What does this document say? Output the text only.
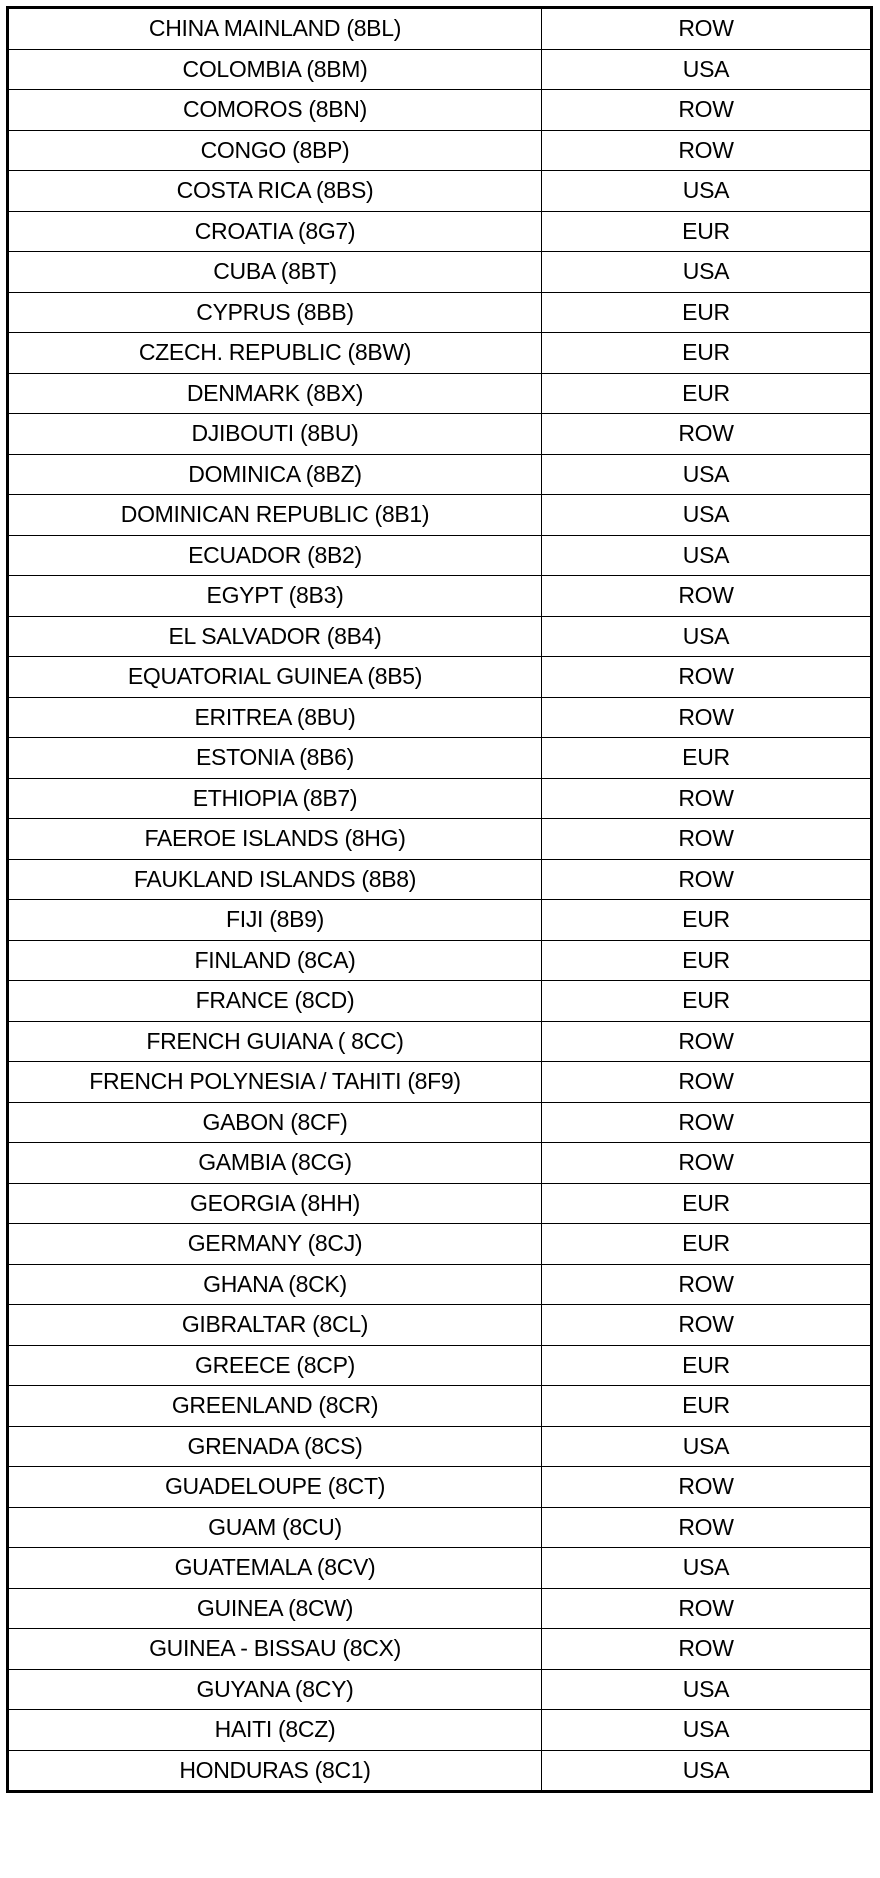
CHINA MAINLAND (8BL)	ROW
COLOMBIA (8BM)	USA
COMOROS (8BN)	ROW
CONGO (8BP)	ROW
COSTA RICA (8BS)	USA
CROATIA (8G7)	EUR
CUBA (8BT)	USA
CYPRUS (8BB)	EUR
CZECH. REPUBLIC (8BW)	EUR
DENMARK (8BX)	EUR
DJIBOUTI (8BU)	ROW
DOMINICA (8BZ)	USA
DOMINICAN REPUBLIC (8B1)	USA
ECUADOR (8B2)	USA
EGYPT (8B3)	ROW
EL SALVADOR (8B4)	USA
EQUATORIAL GUINEA (8B5)	ROW
ERITREA (8BU)	ROW
ESTONIA (8B6)	EUR
ETHIOPIA (8B7)	ROW
FAEROE ISLANDS (8HG)	ROW
FAUKLAND ISLANDS (8B8)	ROW
FIJI (8B9)	EUR
FINLAND (8CA)	EUR
FRANCE (8CD)	EUR
FRENCH GUIANA ( 8CC)	ROW
FRENCH POLYNESIA / TAHITI (8F9)	ROW
GABON (8CF)	ROW
GAMBIA (8CG)	ROW
GEORGIA (8HH)	EUR
GERMANY (8CJ)	EUR
GHANA (8CK)	ROW
GIBRALTAR (8CL)	ROW
GREECE (8CP)	EUR
GREENLAND (8CR)	EUR
GRENADA (8CS)	USA
GUADELOUPE (8CT)	ROW
GUAM (8CU)	ROW
GUATEMALA (8CV)	USA
GUINEA (8CW)	ROW
GUINEA - BISSAU (8CX)	ROW
GUYANA (8CY)	USA
HAITI (8CZ)	USA
HONDURAS (8C1)	USA
